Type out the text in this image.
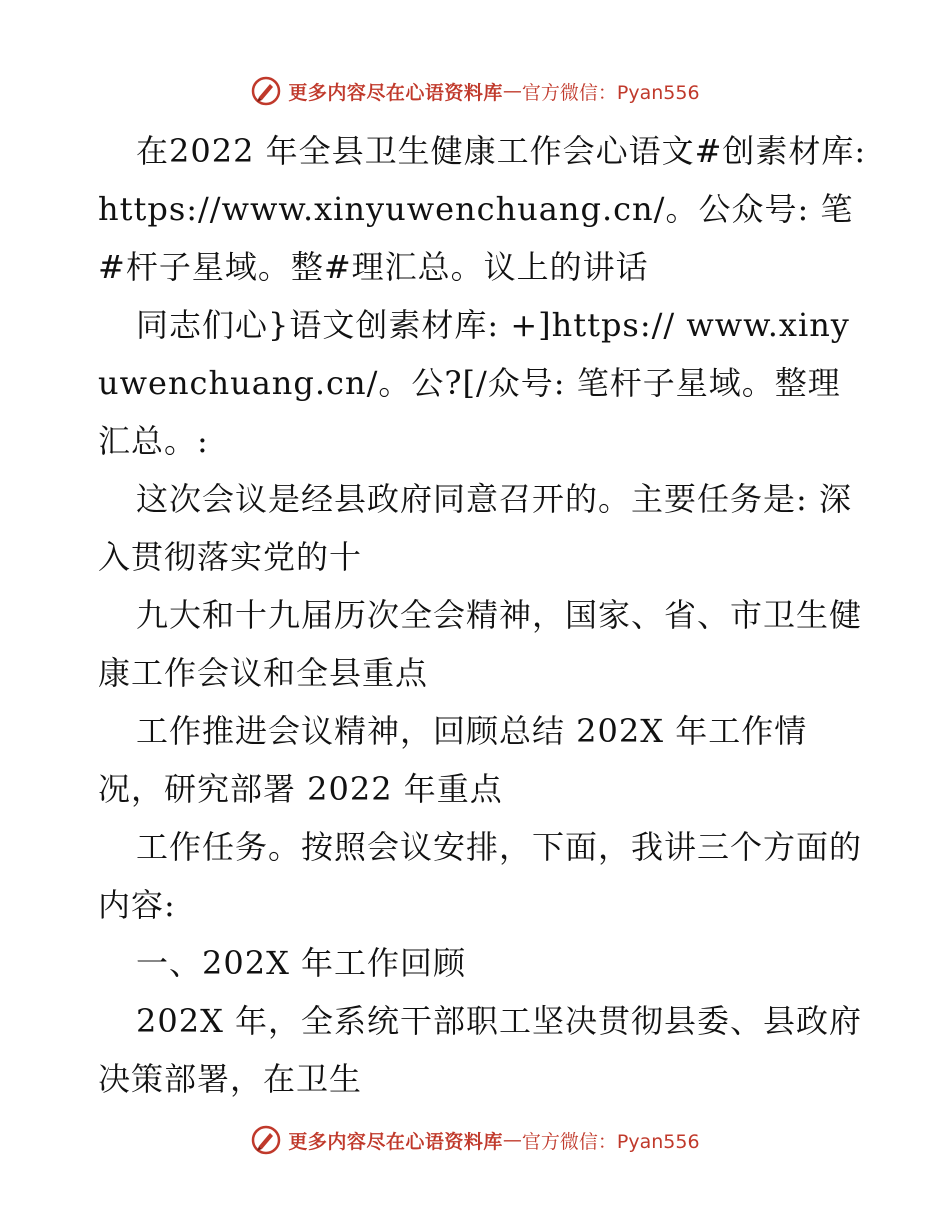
更多内容尽在心语资料库 — 官方微信：Pyan556

在2022 年全县卫生健康工作会心语文#创素材库: https://www.xinyuwenchuang.cn/。公众号: 笔#杆子星域。整#理汇总。议上的讲话

同志们心}语文创素材库: +]https:// www.xinyuwenchuang.cn/。公?[/众号: 笔杆子星域。整理汇总。:

这次会议是经县政府同意召开的。主要任务是: 深入贯彻落实党的十

九大和十九届历次全会精神，国家、省、市卫生健康工作会议和全县重点

工作推进会议精神，回顾总结 202X 年工作情况，研究部署 2022 年重点

工作任务。按照会议安排，下面，我讲三个方面的内容:

一、202X 年工作回顾

202X 年，全系统干部职工坚决贯彻县委、县政府决策部署，在卫生

更多内容尽在心语资料库 — 官方微信：Pyan556
